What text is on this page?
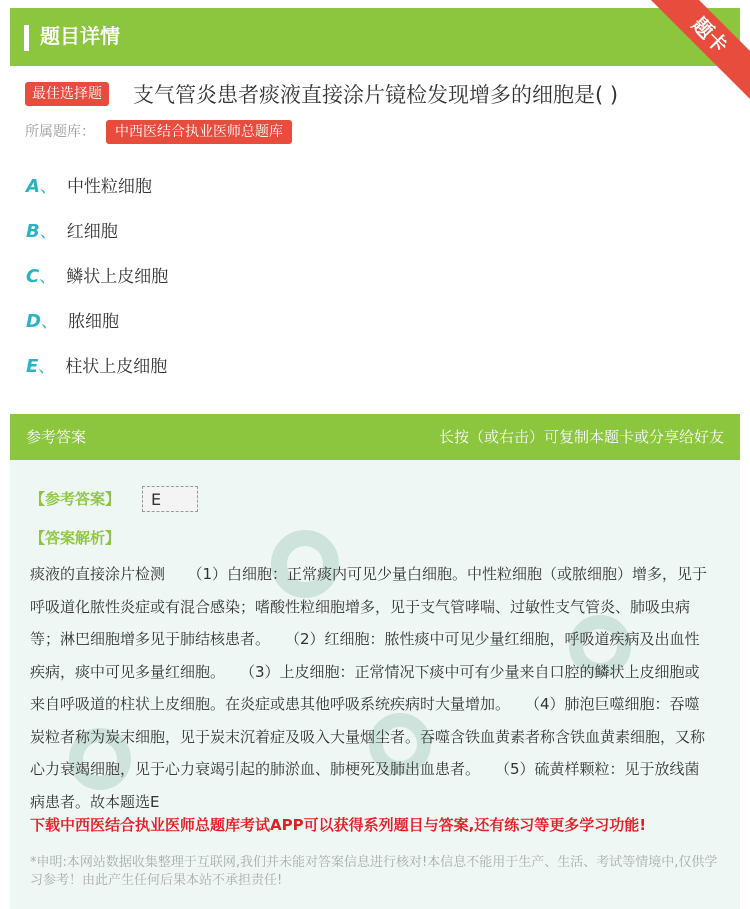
题目详情	题卡
最佳选择题	支气管炎患者痰液直接涂片镜检发现增多的细胞是( )
所属题库：	中西医结合执业医师总题库
A、 中性粒细胞
B、 红细胞
C、 鳞状上皮细胞
D、 脓细胞
E、 柱状上皮细胞
参考答案	长按（或右击）可复制本题卡或分享给好友
【参考答案】	E
【答案解析】
痰液的直接涂片检测　　（1）白细胞：正常痰内可见少量白细胞。中性粒细胞（或脓细胞）增多，见于呼吸道化脓性炎症或有混合感染；嗜酸性粒细胞增多，见于支气管哮喘、过敏性支气管炎、肺吸虫病等；淋巴细胞增多见于肺结核患者。　　（2）红细胞：脓性痰中可见少量红细胞，呼吸道疾病及出血性疾病，痰中可见多量红细胞。　　（3）上皮细胞：正常情况下痰中可有少量来自口腔的鳞状上皮细胞或来自呼吸道的柱状上皮细胞。在炎症或患其他呼吸系统疾病时大量增加。　　（4）肺泡巨噬细胞：吞噬炭粒者称为炭末细胞，见于炭末沉着症及吸入大量烟尘者。吞噬含铁血黄素者称含铁血黄素细胞，又称心力衰竭细胞，见于心力衰竭引起的肺淤血、肺梗死及肺出血患者。　　（5）硫黄样颗粒：见于放线菌病患者。故本题选E
下载中西医结合执业医师总题库考试APP可以获得系列题目与答案,还有练习等更多学习功能!
*申明:本网站数据收集整理于互联网,我们并未能对答案信息进行核对!本信息不能用于生产、生活、考试等情境中,仅供学习参考！由此产生任何后果本站不承担责任!
